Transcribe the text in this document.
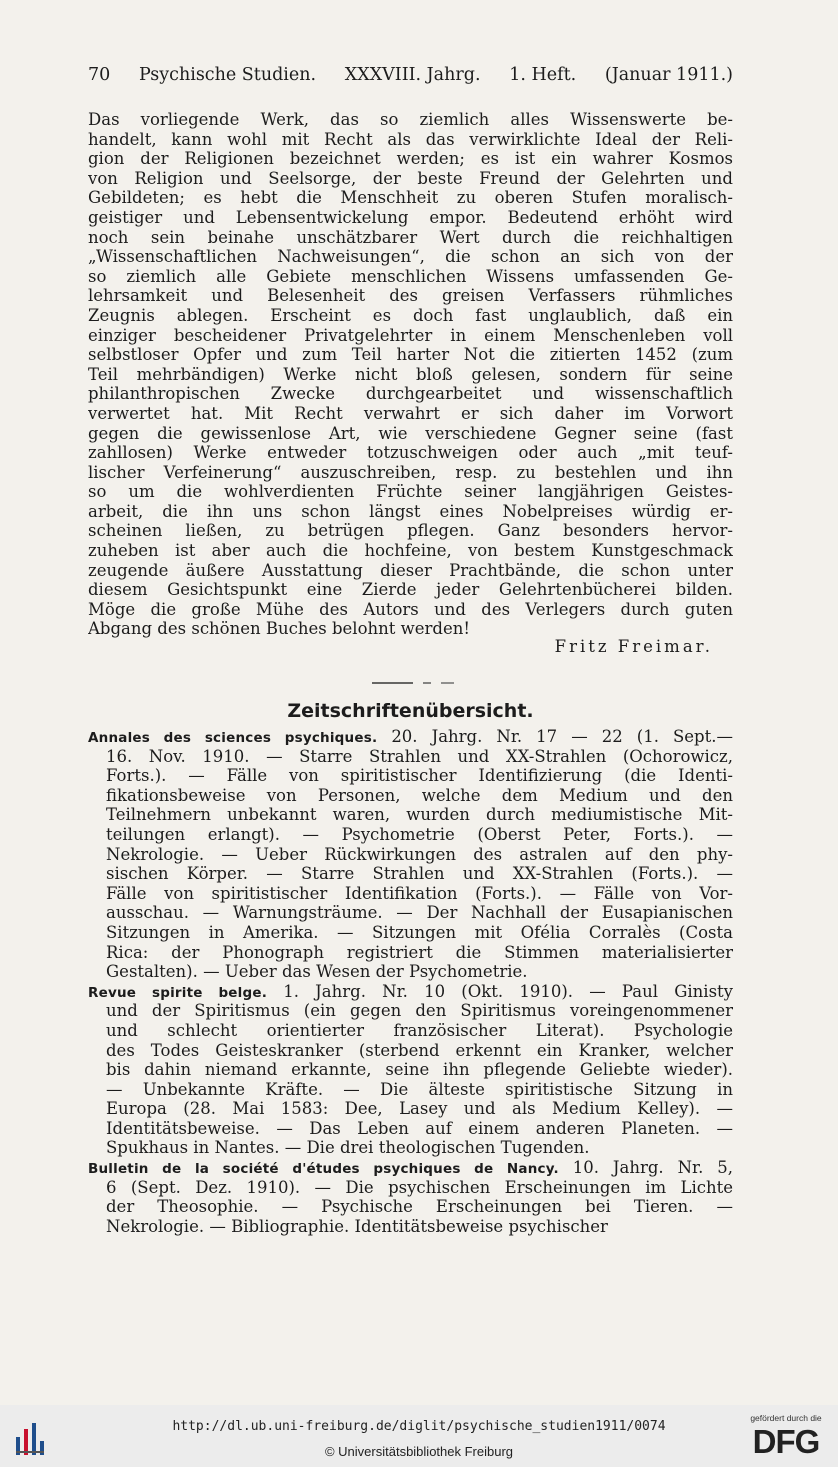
70 Psychische Studien. XXXVIII. Jahrg. 1. Heft. (Januar 1911.)
Das vorliegende Werk, das so ziemlich alles Wissenswerte be-
handelt, kann wohl mit Recht als das verwirklichte Ideal der Reli-
gion der Religionen bezeichnet werden; es ist ein wahrer Kosmos
von Religion und Seelsorge, der beste Freund der Gelehrten und
Gebildeten; es hebt die Menschheit zu oberen Stufen moralisch-
geistiger und Lebensentwickelung empor. Bedeutend erhöht wird
noch sein beinahe unschätzbarer Wert durch die reichhaltigen
„Wissenschaftlichen Nachweisungen“, die schon an sich von der
so ziemlich alle Gebiete menschlichen Wissens umfassenden Ge-
lehrsamkeit und Belesenheit des greisen Verfassers rühmliches
Zeugnis ablegen. Erscheint es doch fast unglaublich, daß ein
einziger bescheidener Privatgelehrter in einem Menschenleben voll
selbstloser Opfer und zum Teil harter Not die zitierten 1452 (zum
Teil mehrbändigen) Werke nicht bloß gelesen, sondern für seine
philanthropischen Zwecke durchgearbeitet und wissenschaftlich
verwertet hat. Mit Recht verwahrt er sich daher im Vorwort
gegen die gewissenlose Art, wie verschiedene Gegner seine (fast
zahllosen) Werke entweder totzuschweigen oder auch „mit teuf-
lischer Verfeinerung“ auszuschreiben, resp. zu bestehlen und ihn
so um die wohlverdienten Früchte seiner langjährigen Geistes-
arbeit, die ihn uns schon längst eines Nobelpreises würdig er-
scheinen ließen, zu betrügen pflegen. Ganz besonders hervor-
zuheben ist aber auch die hochfeine, von bestem Kunstgeschmack
zeugende äußere Ausstattung dieser Prachtbände, die schon unter
diesem Gesichtspunkt eine Zierde jeder Gelehrtenbücherei bilden.
Möge die große Mühe des Autors und des Verlegers durch guten
Abgang des schönen Buches belohnt werden!
Fritz Freimar.
Zeitschriftenübersicht.
Annales des sciences psychiques. 20. Jahrg. Nr. 17 — 22 (1. Sept.—
16. Nov. 1910. — Starre Strahlen und XX-Strahlen (Ochorowicz,
Forts.). — Fälle von spiritistischer Identifizierung (die Identi-
fikationsbeweise von Personen, welche dem Medium und den
Teilnehmern unbekannt waren, wurden durch mediumistische Mit-
teilungen erlangt). — Psychometrie (Oberst Peter, Forts.). —
Nekrologie. — Ueber Rückwirkungen des astralen auf den phy-
sischen Körper. — Starre Strahlen und XX-Strahlen (Forts.). —
Fälle von spiritistischer Identifikation (Forts.). — Fälle von Vor-
ausschau. — Warnungsträume. — Der Nachhall der Eusapianischen
Sitzungen in Amerika. — Sitzungen mit Ofélia Corralès (Costa
Rica: der Phonograph registriert die Stimmen materialisierter
Gestalten). — Ueber das Wesen der Psychometrie.
Revue spirite belge. 1. Jahrg. Nr. 10 (Okt. 1910). — Paul Ginisty
und der Spiritismus (ein gegen den Spiritismus voreingenommener
und schlecht orientierter französischer Literat). Psychologie
des Todes Geisteskranker (sterbend erkennt ein Kranker, welcher
bis dahin niemand erkannte, seine ihn pflegende Geliebte wieder).
— Unbekannte Kräfte. — Die älteste spiritistische Sitzung in
Europa (28. Mai 1583: Dee, Lasey und als Medium Kelley). —
Identitätsbeweise. — Das Leben auf einem anderen Planeten. —
Spukhaus in Nantes. — Die drei theologischen Tugenden.
Bulletin de la société d'études psychiques de Nancy. 10. Jahrg. Nr. 5,
6 (Sept. Dez. 1910). — Die psychischen Erscheinungen im Lichte
der Theosophie. — Psychische Erscheinungen bei Tieren. —
Nekrologie. — Bibliographie. Identitätsbeweise psychischer
http://dl.ub.uni-freiburg.de/diglit/psychische_studien1911/0074
© Universitätsbibliothek Freiburg
gefördert durch die
DFG
